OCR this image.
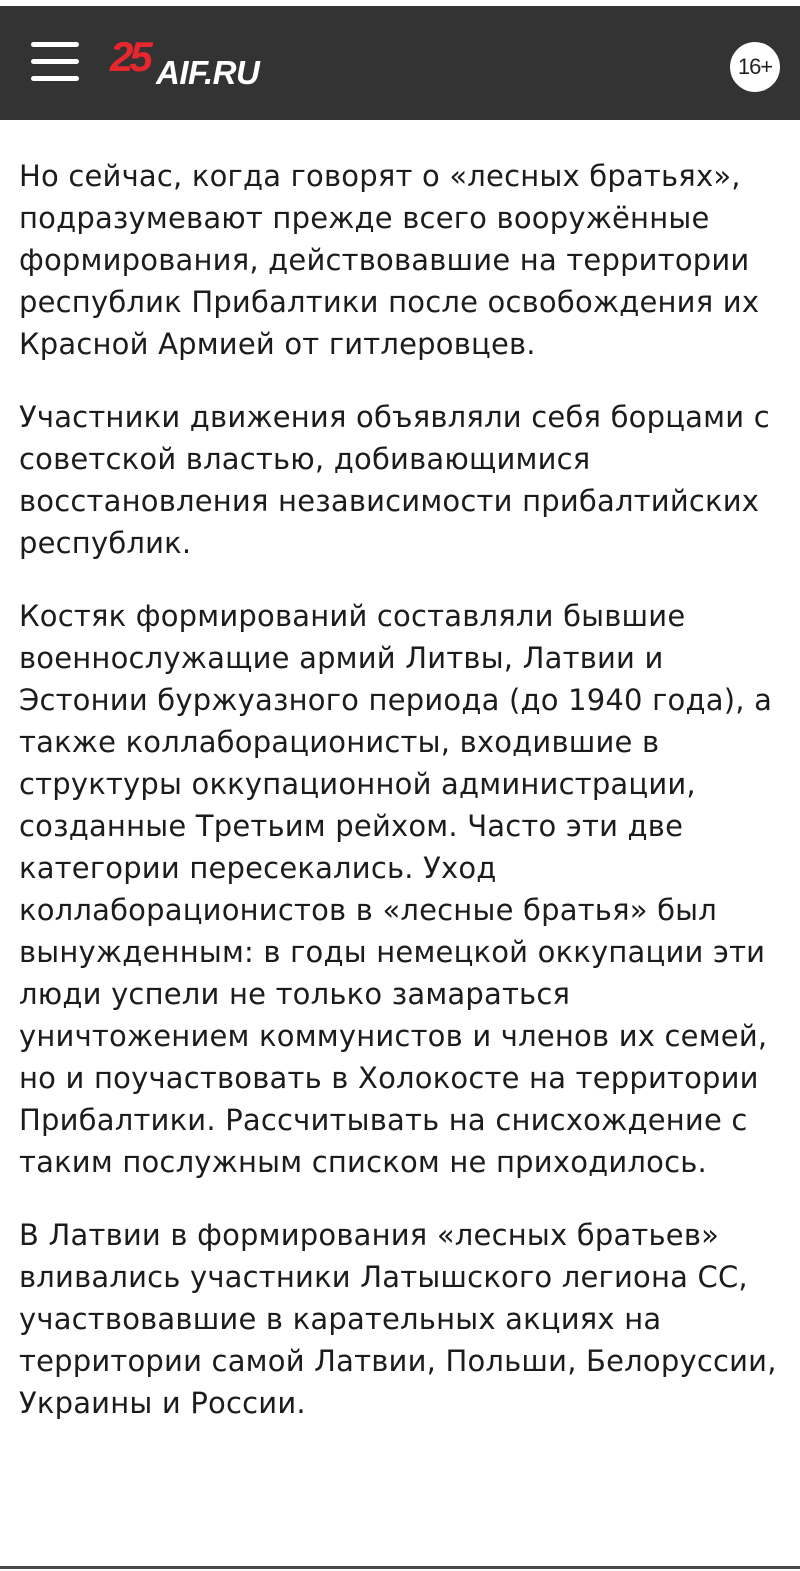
25 AIF.RU	16+

Но сейчас, когда говорят о «лесных братьях», подразумевают прежде всего вооружённые формирования, действовавшие на территории республик Прибалтики после освобождения их Красной Армией от гитлеровцев.

Участники движения объявляли себя борцами с советской властью, добивающимися восстановления независимости прибалтийских республик.

Костяк формирований составляли бывшие военнослужащие армий Литвы, Латвии и Эстонии буржуазного периода (до 1940 года), а также коллаборационисты, входившие в структуры оккупационной администрации, созданные Третьим рейхом. Часто эти две категории пересекались. Уход коллаборационистов в «лесные братья» был вынужденным: в годы немецкой оккупации эти люди успели не только замараться уничтожением коммунистов и членов их семей, но и поучаствовать в Холокосте на территории Прибалтики. Рассчитывать на снисхождение с таким послужным списком не приходилось.

В Латвии в формирования «лесных братьев» вливались участники Латышского легиона СС, участвовавшие в карательных акциях на территории самой Латвии, Польши, Белоруссии, Украины и России.
